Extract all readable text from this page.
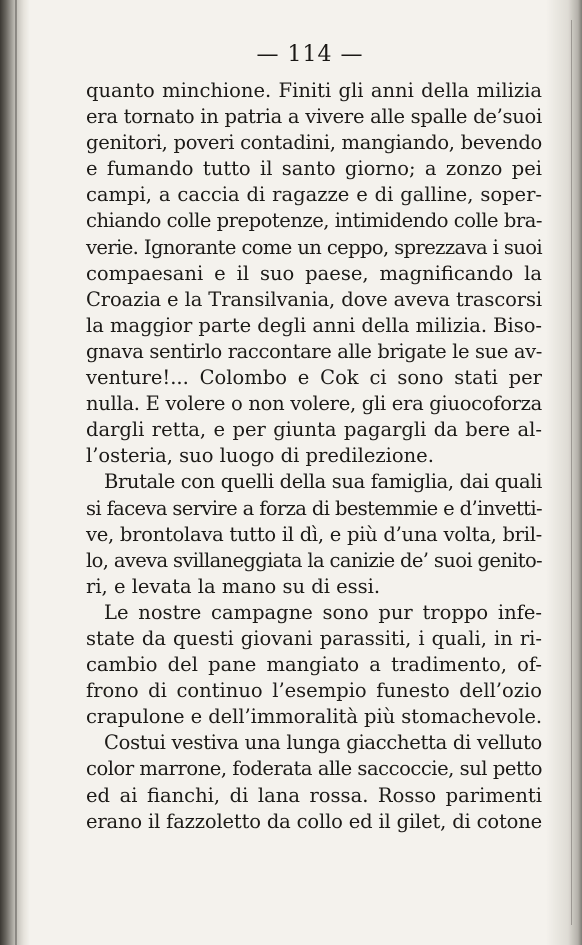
— 114 —
quanto minchione. Finiti gli anni della milizia
era tornato in patria a vivere alle spalle de’suoi
genitori, poveri contadini, mangiando, bevendo
e fumando tutto il santo giorno; a zonzo pei
campi, a caccia di ragazze e di galline, soper-
chiando colle prepotenze, intimidendo colle bra-
verie. Ignorante come un ceppo, sprezzava i suoi
compaesani e il suo paese, magnificando la
Croazia e la Transilvania, dove aveva trascorsi
la maggior parte degli anni della milizia. Biso-
gnava sentirlo raccontare alle brigate le sue av-
venture!... Colombo e Cok ci sono stati per
nulla. E volere o non volere, gli era giuocoforza
dargli retta, e per giunta pagargli da bere al-
l’osteria, suo luogo di predilezione.
Brutale con quelli della sua famiglia, dai quali
si faceva servire a forza di bestemmie e d’invetti-
ve, brontolava tutto il dì, e più d’una volta, bril-
lo, aveva svillaneggiata la canizie de’ suoi genito-
ri, e levata la mano su di essi.
Le nostre campagne sono pur troppo infe-
state da questi giovani parassiti, i quali, in ri-
cambio del pane mangiato a tradimento, of-
frono di continuo l’esempio funesto dell’ozio
crapulone e dell’immoralità più stomachevole.
Costui vestiva una lunga giacchetta di velluto
color marrone, foderata alle saccoccie, sul petto
ed ai fianchi, di lana rossa. Rosso parimenti
erano il fazzoletto da collo ed il gilet, di cotone
